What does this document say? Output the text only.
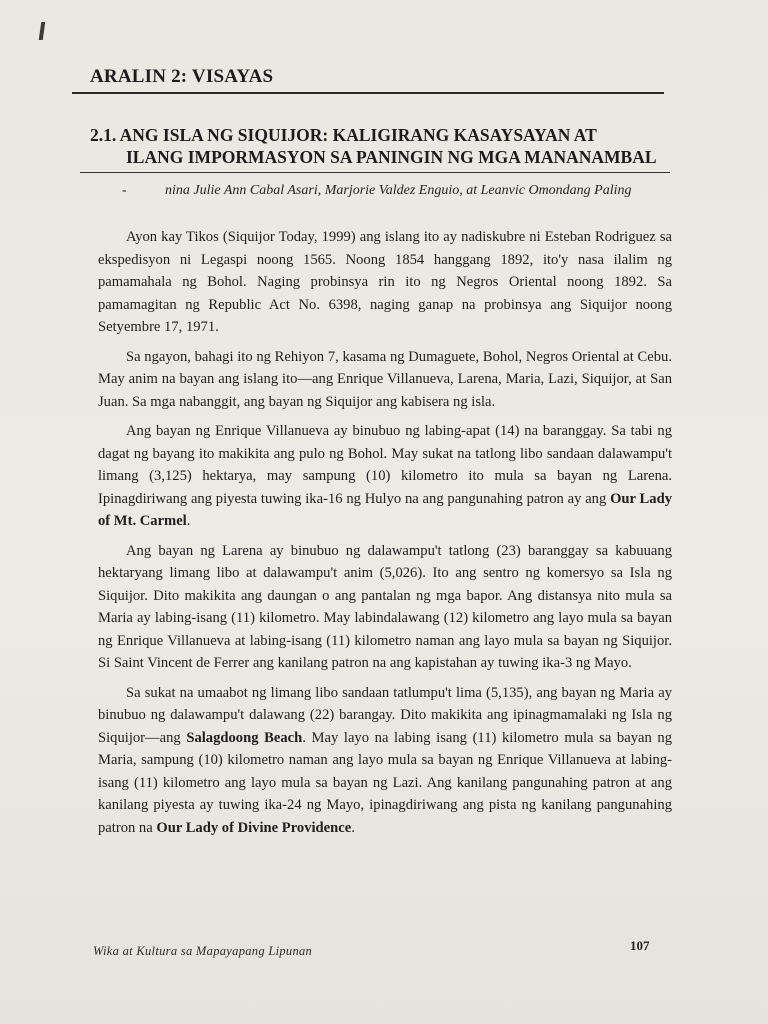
ARALIN 2: VISAYAS
2.1. ANG ISLA NG SIQUIJOR: KALIGIRANG KASAYSAYAN AT
ILANG IMPORMASYON SA PANINGIN NG MGA MANANAMBAL
-	nina Julie Ann Cabal Asari, Marjorie Valdez Enguio, at Leanvic Omondang Paling

Ayon kay Tikos (Siquijor Today, 1999) ang islang ito ay nadiskubre ni Esteban Rodriguez sa ekspedisyon ni Legaspi noong 1565. Noong 1854 hanggang 1892, ito'y nasa ilalim ng pamamahala ng Bohol. Naging probinsya rin ito ng Negros Oriental noong 1892. Sa pamamagitan ng Republic Act No. 6398, naging ganap na probinsya ang Siquijor noong Setyembre 17, 1971.

Sa ngayon, bahagi ito ng Rehiyon 7, kasama ng Dumaguete, Bohol, Negros Oriental at Cebu. May anim na bayan ang islang ito—ang Enrique Villanueva, Larena, Maria, Lazi, Siquijor, at San Juan. Sa mga nabanggit, ang bayan ng Siquijor ang kabisera ng isla.

Ang bayan ng Enrique Villanueva ay binubuo ng labing-apat (14) na baranggay. Sa tabi ng dagat ng bayang ito makikita ang pulo ng Bohol. May sukat na tatlong libo sandaan dalawampu't limang (3,125) hektarya, may sampung (10) kilometro ito mula sa bayan ng Larena. Ipinagdiriwang ang piyesta tuwing ika-16 ng Hulyo na ang pangunahing patron ay ang Our Lady of Mt. Carmel.

Ang bayan ng Larena ay binubuo ng dalawampu't tatlong (23) baranggay sa kabuuang hektaryang limang libo at dalawampu't anim (5,026). Ito ang sentro ng komersyo sa Isla ng Siquijor. Dito makikita ang daungan o ang pantalan ng mga bapor. Ang distansya nito mula sa Maria ay labing-isang (11) kilometro. May labindalawang (12) kilometro ang layo mula sa bayan ng Enrique Villanueva at labing-isang (11) kilometro naman ang layo mula sa bayan ng Siquijor. Si Saint Vincent de Ferrer ang kanilang patron na ang kapistahan ay tuwing ika-3 ng Mayo.

Sa sukat na umaabot ng limang libo sandaan tatlumpu't lima (5,135), ang bayan ng Maria ay binubuo ng dalawampu't dalawang (22) barangay. Dito makikita ang ipinagmamalaki ng Isla ng Siquijor—ang Salagdoong Beach. May layo na labing isang (11) kilometro mula sa bayan ng Maria, sampung (10) kilometro naman ang layo mula sa bayan ng Enrique Villanueva at labing-isang (11) kilometro ang layo mula sa bayan ng Lazi. Ang kanilang pangunahing patron at ang kanilang piyesta ay tuwing ika-24 ng Mayo, ipinagdiriwang ang pista ng kanilang pangunahing patron na Our Lady of Divine Providence.

Wika at Kultura sa Mapayapang Lipunan	107
